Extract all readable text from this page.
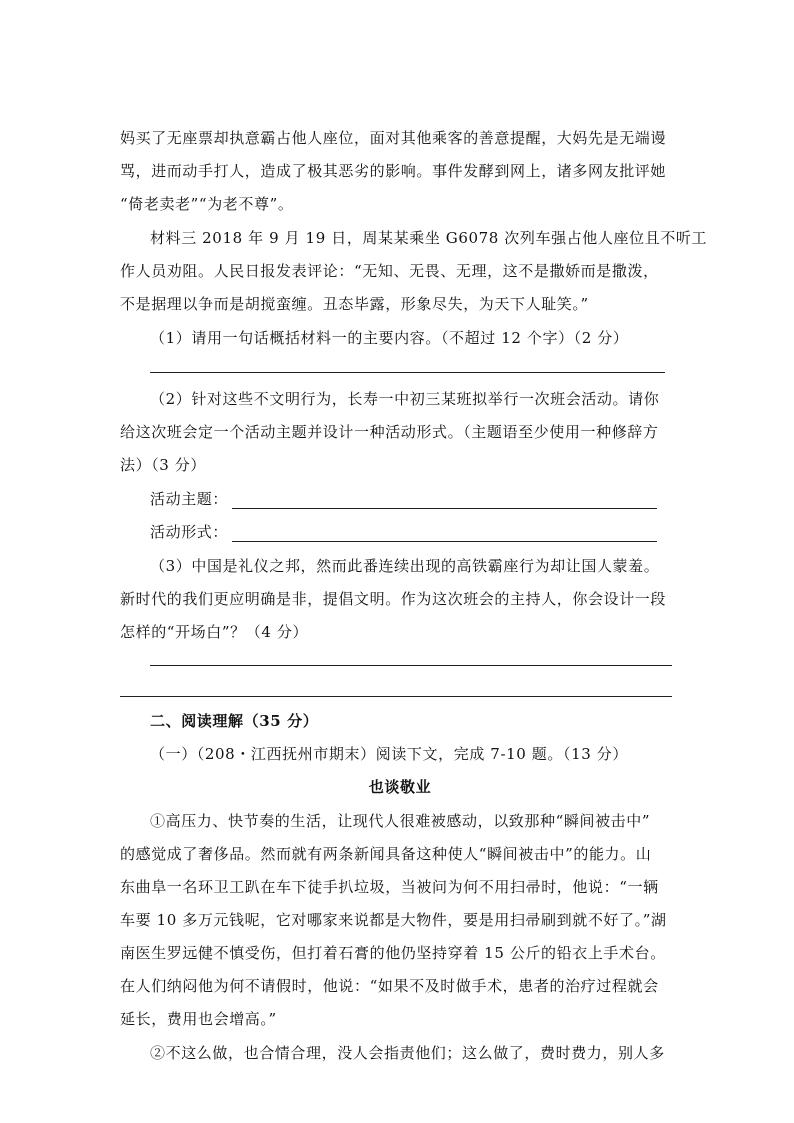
妈买了无座票却执意霸占他人座位，面对其他乘客的善意提醒，大妈先是无端谩
骂，进而动手打人，造成了极其恶劣的影响。事件发酵到网上，诸多网友批评她
“倚老卖老”“为老不尊”。
材料三 2018 年 9 月 19 日，周某某乘坐 G6078 次列车强占他人座位且不听工
作人员劝阻。人民日报发表评论：“无知、无畏、无理，这不是撒娇而是撒泼，
不是据理以争而是胡搅蛮缠。丑态毕露，形象尽失，为天下人耻笑。”
（1）请用一句话概括材料一的主要内容。（不超过 12 个字）（2 分）
（2）针对这些不文明行为，长寿一中初三某班拟举行一次班会活动。请你
给这次班会定一个活动主题并设计一种活动形式。（主题语至少使用一种修辞方
法）（3 分）
活动主题：
活动形式：
（3）中国是礼仪之邦，然而此番连续出现的高铁霸座行为却让国人蒙羞。
新时代的我们更应明确是非，提倡文明。作为这次班会的主持人，你会设计一段
怎样的“开场白”？（4 分）
二、阅读理解（35 分）
（一）（208・江西抚州市期末）阅读下文，完成 7-10 题。（13 分）
也谈敬业
①高压力、快节奏的生活，让现代人很难被感动，以致那种“瞬间被击中”
的感觉成了奢侈品。然而就有两条新闻具备这种使人“瞬间被击中”的能力。山
东曲阜一名环卫工趴在车下徒手扒垃圾，当被问为何不用扫帚时，他说：“一辆
车要 10 多万元钱呢，它对哪家来说都是大物件，要是用扫帚刷到就不好了。”湖
南医生罗远健不慎受伤，但打着石膏的他仍坚持穿着 15 公斤的铅衣上手术台。
在人们纳闷他为何不请假时，他说：“如果不及时做手术，患者的治疗过程就会
延长，费用也会增高。”
②不这么做，也合情合理，没人会指责他们；这么做了，费时费力，别人多
